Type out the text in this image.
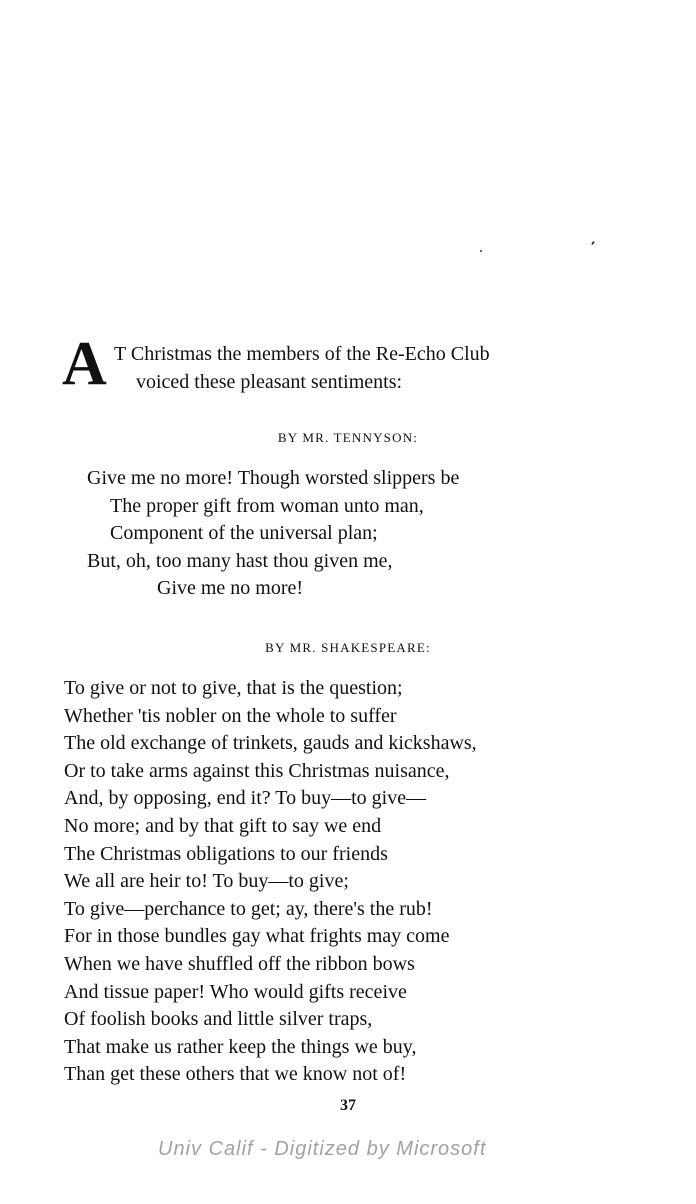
A T Christmas the members of the Re-Echo Club
voiced these pleasant sentiments:
BY MR. TENNYSON:
Give me no more! Though worsted slippers be
The proper gift from woman unto man,
Component of the universal plan;
But, oh, too many hast thou given me,
Give me no more!
BY MR. SHAKESPEARE:
To give or not to give, that is the question;
Whether 'tis nobler on the whole to suffer
The old exchange of trinkets, gauds and kickshaws,
Or to take arms against this Christmas nuisance,
And, by opposing, end it? To buy—to give—
No more; and by that gift to say we end
The Christmas obligations to our friends
We all are heir to! To buy—to give;
To give—perchance to get; ay, there's the rub!
For in those bundles gay what frights may come
When we have shuffled off the ribbon bows
And tissue paper! Who would gifts receive
Of foolish books and little silver traps,
That make us rather keep the things we buy,
Than get these others that we know not of!
37
Univ Calif - Digitized by Microsoft
